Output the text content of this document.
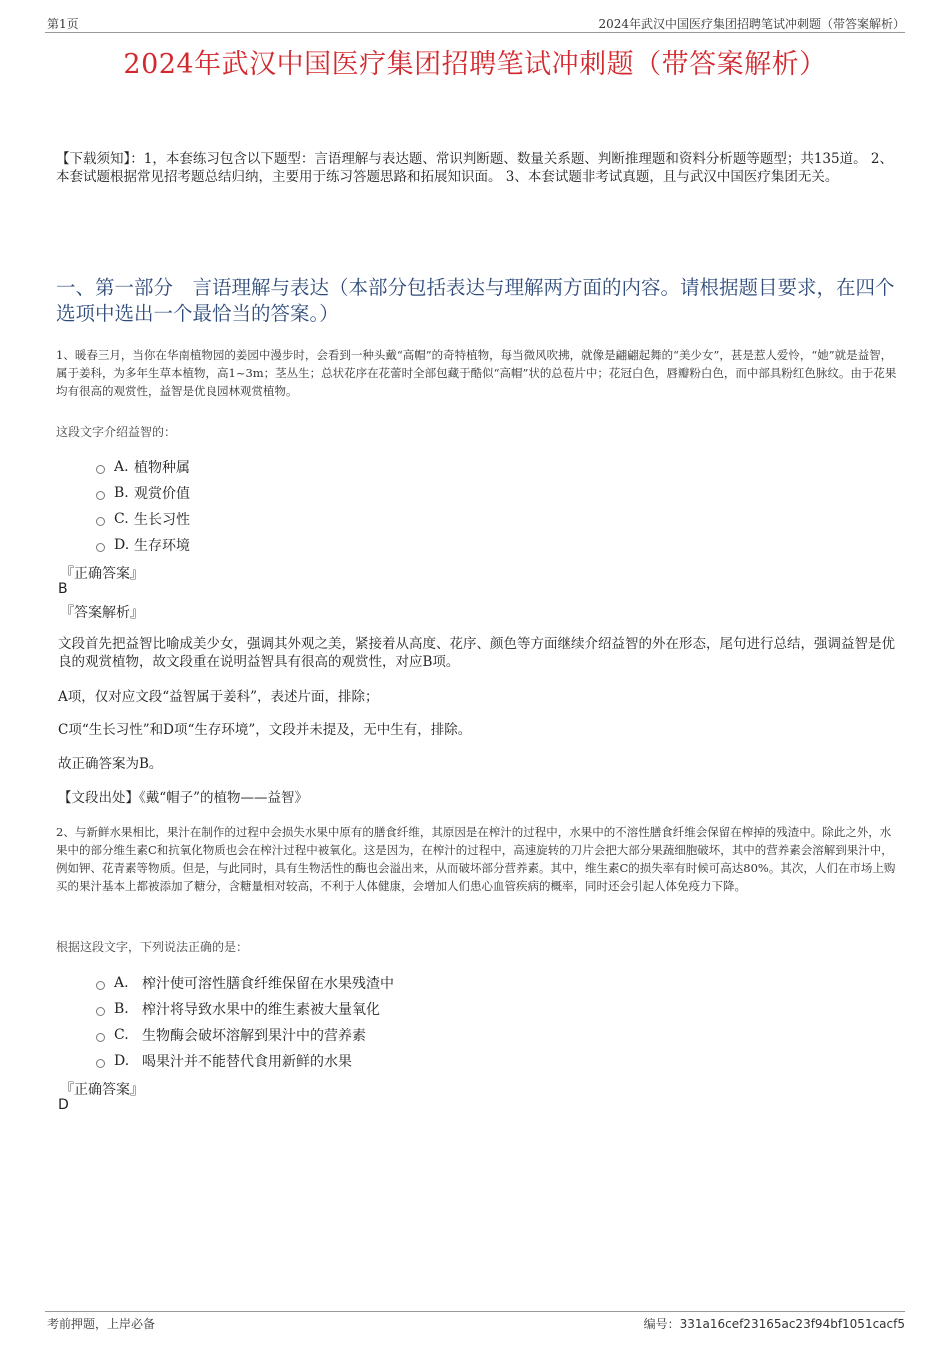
第1页	2024年武汉中国医疗集团招聘笔试冲刺题（带答案解析）
2024年武汉中国医疗集团招聘笔试冲刺题（带答案解析）
【下载须知】：1，本套练习包含以下题型：言语理解与表达题、常识判断题、数量关系题、判断推理题和资料分析题等题型；共135道。 2、本套试题根据常见招考题总结归纳，主要用于练习答题思路和拓展知识面。 3、本套试题非考试真题，且与武汉中国医疗集团无关。
一、第一部分　言语理解与表达（本部分包括表达与理解两方面的内容。请根据题目要求，在四个选项中选出一个最恰当的答案。）
1、暖春三月，当你在华南植物园的姜园中漫步时，会看到一种头戴“高帽”的奇特植物，每当微风吹拂，就像是翩翩起舞的“美少女”，甚是惹人爱怜，“她”就是益智，属于姜科，为多年生草本植物，高1~3m；茎丛生；总状花序在花蕾时全部包藏于酷似“高帽”状的总苞片中；花冠白色，唇瓣粉白色，而中部具粉红色脉纹。由于花果均有很高的观赏性，益智是优良园林观赏植物。
这段文字介绍益智的：
A. 植物种属
B. 观赏价值
C. 生长习性
D. 生存环境
『正确答案』
B
『答案解析』
文段首先把益智比喻成美少女，强调其外观之美，紧接着从高度、花序、颜色等方面继续介绍益智的外在形态，尾句进行总结，强调益智是优良的观赏植物，故文段重在说明益智具有很高的观赏性，对应B项。
A项，仅对应文段“益智属于姜科”，表述片面，排除；
C项“生长习性”和D项“生存环境”，文段并未提及，无中生有，排除。
故正确答案为B。
【文段出处】《戴“帽子”的植物——益智》
2、与新鲜水果相比，果汁在制作的过程中会损失水果中原有的膳食纤维，其原因是在榨汁的过程中，水果中的不溶性膳食纤维会保留在榨掉的残渣中。除此之外，水果中的部分维生素C和抗氧化物质也会在榨汁过程中被氧化。这是因为，在榨汁的过程中，高速旋转的刀片会把大部分果蔬细胞破坏，其中的营养素会溶解到果汁中，例如钾、花青素等物质。但是，与此同时，具有生物活性的酶也会溢出来，从而破坏部分营养素。其中，维生素C的损失率有时候可高达80%。其次，人们在市场上购买的果汁基本上都被添加了糖分，含糖量相对较高，不利于人体健康，会增加人们患心血管疾病的概率，同时还会引起人体免疫力下降。
根据这段文字，下列说法正确的是：
A. 榨汁使可溶性膳食纤维保留在水果残渣中
B. 榨汁将导致水果中的维生素被大量氧化
C. 生物酶会破坏溶解到果汁中的营养素
D. 喝果汁并不能替代食用新鲜的水果
『正确答案』
D
考前押题，上岸必备	编号：331a16cef23165ac23f94bf1051cacf5
